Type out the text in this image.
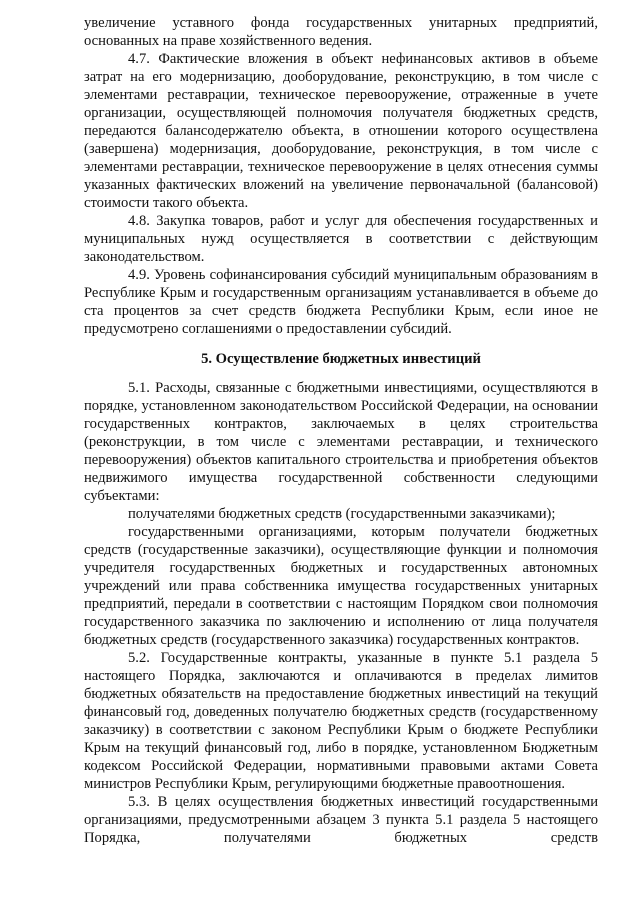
увеличение уставного фонда государственных унитарных предприятий, основанных на праве хозяйственного ведения.

4.7. Фактические вложения в объект нефинансовых активов в объеме затрат на его модернизацию, дооборудование, реконструкцию, в том числе с элементами реставрации, техническое перевооружение, отраженные в учете организации, осуществляющей полномочия получателя бюджетных средств, передаются балансодержателю объекта, в отношении которого осуществлена (завершена) модернизация, дооборудование, реконструкция, в том числе с элементами реставрации, техническое перевооружение в целях отнесения суммы указанных фактических вложений на увеличение первоначальной (балансовой) стоимости такого объекта.

4.8. Закупка товаров, работ и услуг для обеспечения государственных и муниципальных нужд осуществляется в соответствии с действующим законодательством.

4.9. Уровень софинансирования субсидий муниципальным образованиям в Республике Крым и государственным организациям устанавливается в объеме до ста процентов за счет средств бюджета Республики Крым, если иное не предусмотрено соглашениями о предоставлении субсидий.

5. Осуществление бюджетных инвестиций

5.1. Расходы, связанные с бюджетными инвестициями, осуществляются в порядке, установленном законодательством Российской Федерации, на основании государственных контрактов, заключаемых в целях строительства (реконструкции, в том числе с элементами реставрации, и технического перевооружения) объектов капитального строительства и приобретения объектов недвижимого имущества государственной собственности следующими субъектами:

получателями бюджетных средств (государственными заказчиками);

государственными организациями, которым получатели бюджетных средств (государственные заказчики), осуществляющие функции и полномочия учредителя государственных бюджетных и государственных автономных учреждений или права собственника имущества государственных унитарных предприятий, передали в соответствии с настоящим Порядком свои полномочия государственного заказчика по заключению и исполнению от лица получателя бюджетных средств (государственного заказчика) государственных контрактов.

5.2. Государственные контракты, указанные в пункте 5.1 раздела 5 настоящего Порядка, заключаются и оплачиваются в пределах лимитов бюджетных обязательств на предоставление бюджетных инвестиций на текущий финансовый год, доведенных получателю бюджетных средств (государственному заказчику) в соответствии с законом Республики Крым о бюджете Республики Крым на текущий финансовый год, либо в порядке, установленном Бюджетным кодексом Российской Федерации, нормативными правовыми актами Совета министров Республики Крым, регулирующими бюджетные правоотношения.

5.3. В целях осуществления бюджетных инвестиций государственными организациями, предусмотренными абзацем 3 пункта 5.1 раздела 5 настоящего Порядка, получателями бюджетных средств
